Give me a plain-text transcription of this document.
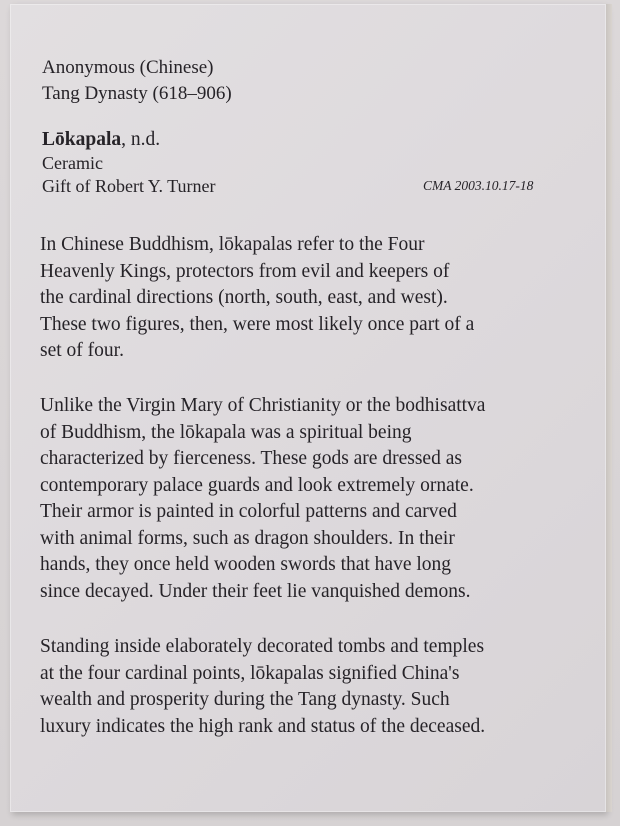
Anonymous (Chinese)
Tang Dynasty (618–906)
Lōkapala, n.d.
Ceramic
Gift of Robert Y. Turner	CMA 2003.10.17-18
In Chinese Buddhism, lōkapalas refer to the Four
Heavenly Kings, protectors from evil and keepers of
the cardinal directions (north, south, east, and west).
These two figures, then, were most likely once part of a
set of four.
Unlike the Virgin Mary of Christianity or the bodhisattva
of Buddhism, the lōkapala was a spiritual being
characterized by fierceness. These gods are dressed as
contemporary palace guards and look extremely ornate.
Their armor is painted in colorful patterns and carved
with animal forms, such as dragon shoulders. In their
hands, they once held wooden swords that have long
since decayed. Under their feet lie vanquished demons.
Standing inside elaborately decorated tombs and temples
at the four cardinal points, lōkapalas signified China's
wealth and prosperity during the Tang dynasty. Such
luxury indicates the high rank and status of the deceased.
